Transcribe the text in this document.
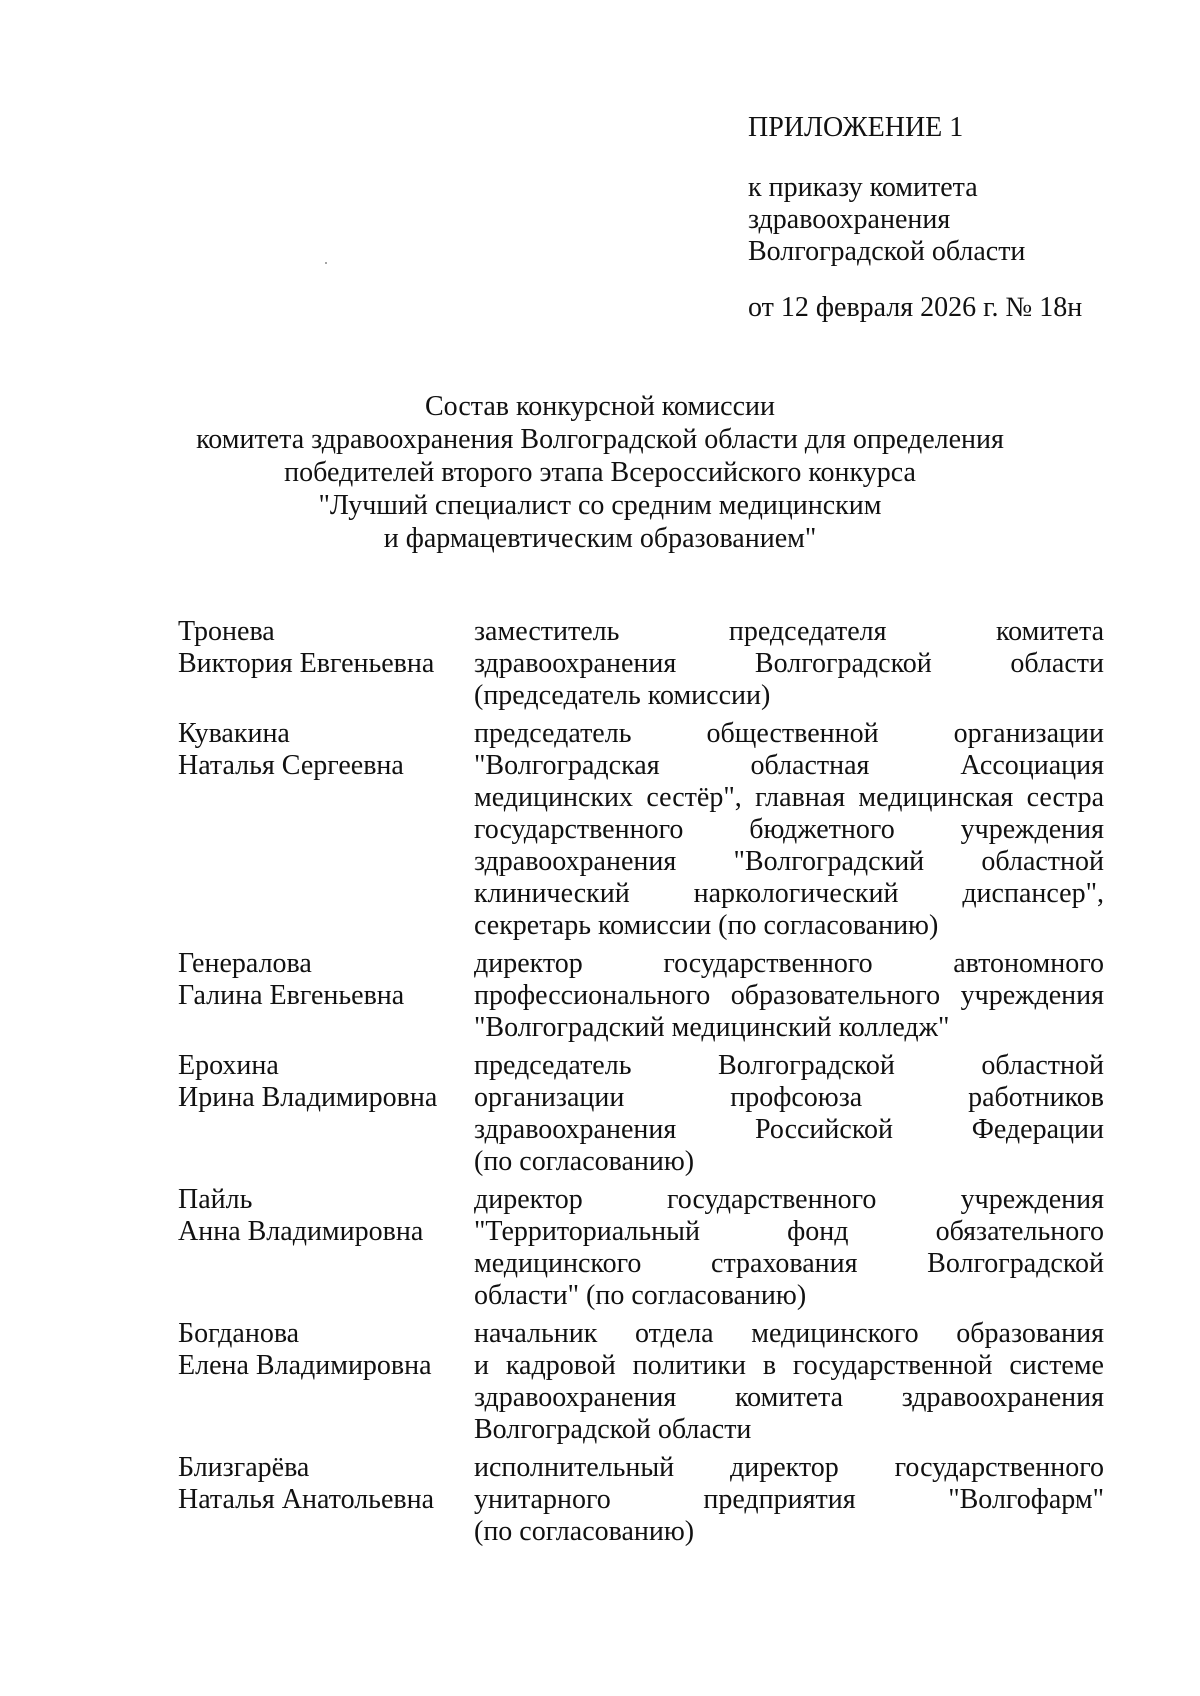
ПРИЛОЖЕНИЕ 1
к приказу комитета
здравоохранения
Волгоградской области
от 12 февраля 2026 г. № 18н
Состав конкурсной комиссии
комитета здравоохранения Волгоградской области для определения
победителей второго этапа Всероссийского конкурса
"Лучший специалист со средним медицинским
и фармацевтическим образованием"
Тронева
Виктория Евгеньевна
заместитель председателя комитета
здравоохранения Волгоградской области
(председатель комиссии)
Кувакина
Наталья Сергеевна
председатель общественной организации
"Волгоградская областная Ассоциация
медицинских сестёр", главная медицинская сестра
государственного бюджетного учреждения
здравоохранения "Волгоградский областной
клинический наркологический диспансер",
секретарь комиссии (по согласованию)
Генералова
Галина Евгеньевна
директор государственного автономного
профессионального образовательного учреждения
"Волгоградский медицинский колледж"
Ерохина
Ирина Владимировна
председатель Волгоградской областной
организации профсоюза работников
здравоохранения Российской Федерации
(по согласованию)
Пайль
Анна Владимировна
директор государственного учреждения
"Территориальный фонд обязательного
медицинского страхования Волгоградской
области" (по согласованию)
Богданова
Елена Владимировна
начальник отдела медицинского образования
и кадровой политики в государственной системе
здравоохранения комитета здравоохранения
Волгоградской области
Близгарёва
Наталья Анатольевна
исполнительный директор государственного
унитарного предприятия "Волгофарм"
(по согласованию)
